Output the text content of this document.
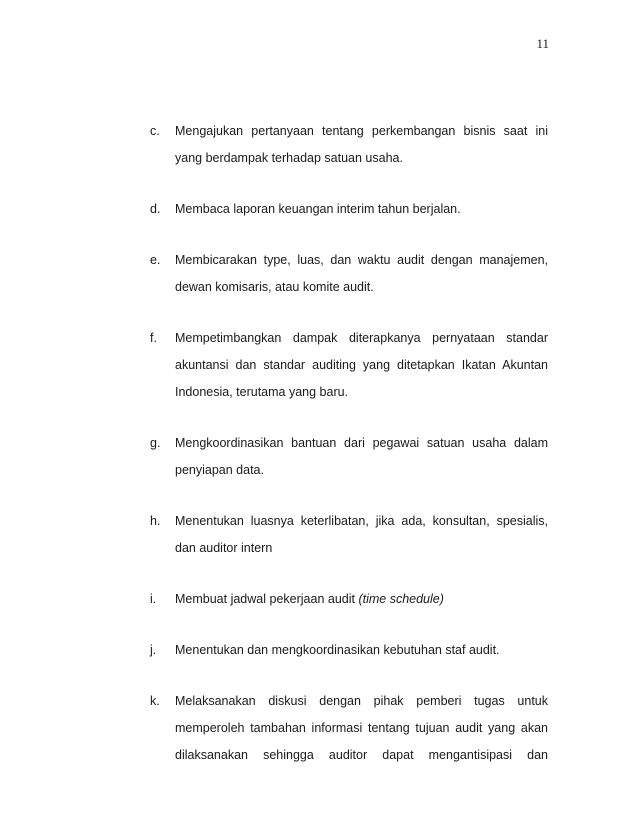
11
c.	Mengajukan pertanyaan tentang perkembangan bisnis saat ini yang berdampak terhadap satuan usaha.
d.	Membaca laporan keuangan interim tahun berjalan.
e.	Membicarakan type, luas, dan waktu audit dengan manajemen, dewan komisaris, atau komite audit.
f.	Mempetimbangkan dampak diterapkanya pernyataan standar akuntansi dan standar auditing yang ditetapkan Ikatan Akuntan Indonesia, terutama yang baru.
g.	Mengkoordinasikan bantuan dari pegawai satuan usaha dalam penyiapan data.
h.	Menentukan luasnya keterlibatan, jika ada, konsultan, spesialis, dan auditor intern
i.	Membuat jadwal pekerjaan audit (time schedule)
j.	Menentukan dan mengkoordinasikan kebutuhan staf audit.
k.	Melaksanakan diskusi dengan pihak pemberi tugas untuk memperoleh tambahan informasi tentang tujuan audit yang akan dilaksanakan sehingga auditor dapat mengantisipasi dan
